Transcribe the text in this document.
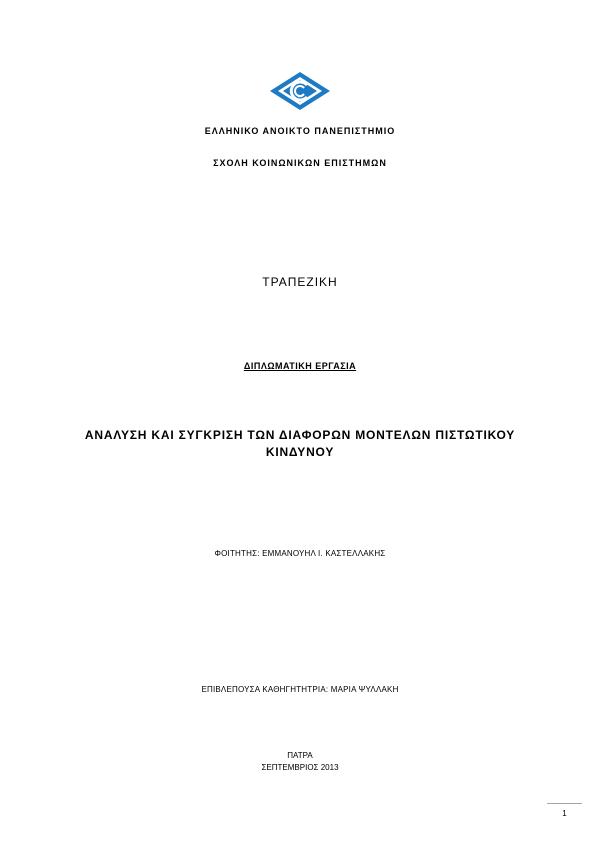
ΕΛΛΗΝΙΚΟ ΑΝΟΙΚΤΟ ΠΑΝΕΠΙΣΤΗΜΙΟ
ΣΧΟΛΗ ΚΟΙΝΩΝΙΚΩΝ ΕΠΙΣΤΗΜΩΝ
ΤΡΑΠΕΖΙΚΗ
ΔΙΠΛΩΜΑΤΙΚΗ ΕΡΓΑΣΙΑ
ΑΝΑΛΥΣΗ ΚΑΙ ΣΥΓΚΡΙΣΗ ΤΩΝ ΔΙΑΦΟΡΩΝ ΜΟΝΤΕΛΩΝ ΠΙΣΤΩΤΙΚΟΥ
ΚΙΝΔΥΝΟΥ
ΦΟΙΤΗΤΗΣ: ΕΜΜΑΝΟΥΗΛ Ι. ΚΑΣΤΕΛΛΑΚΗΣ
ΕΠΙΒΛΕΠΟΥΣΑ ΚΑΘΗΓΗΤΗΤΡΙΑ: ΜΑΡΙΑ ΨΥΛΛΑΚΗ
ΠΑΤΡΑ
ΣΕΠΤΕΜΒΡΙΟΣ 2013
1
